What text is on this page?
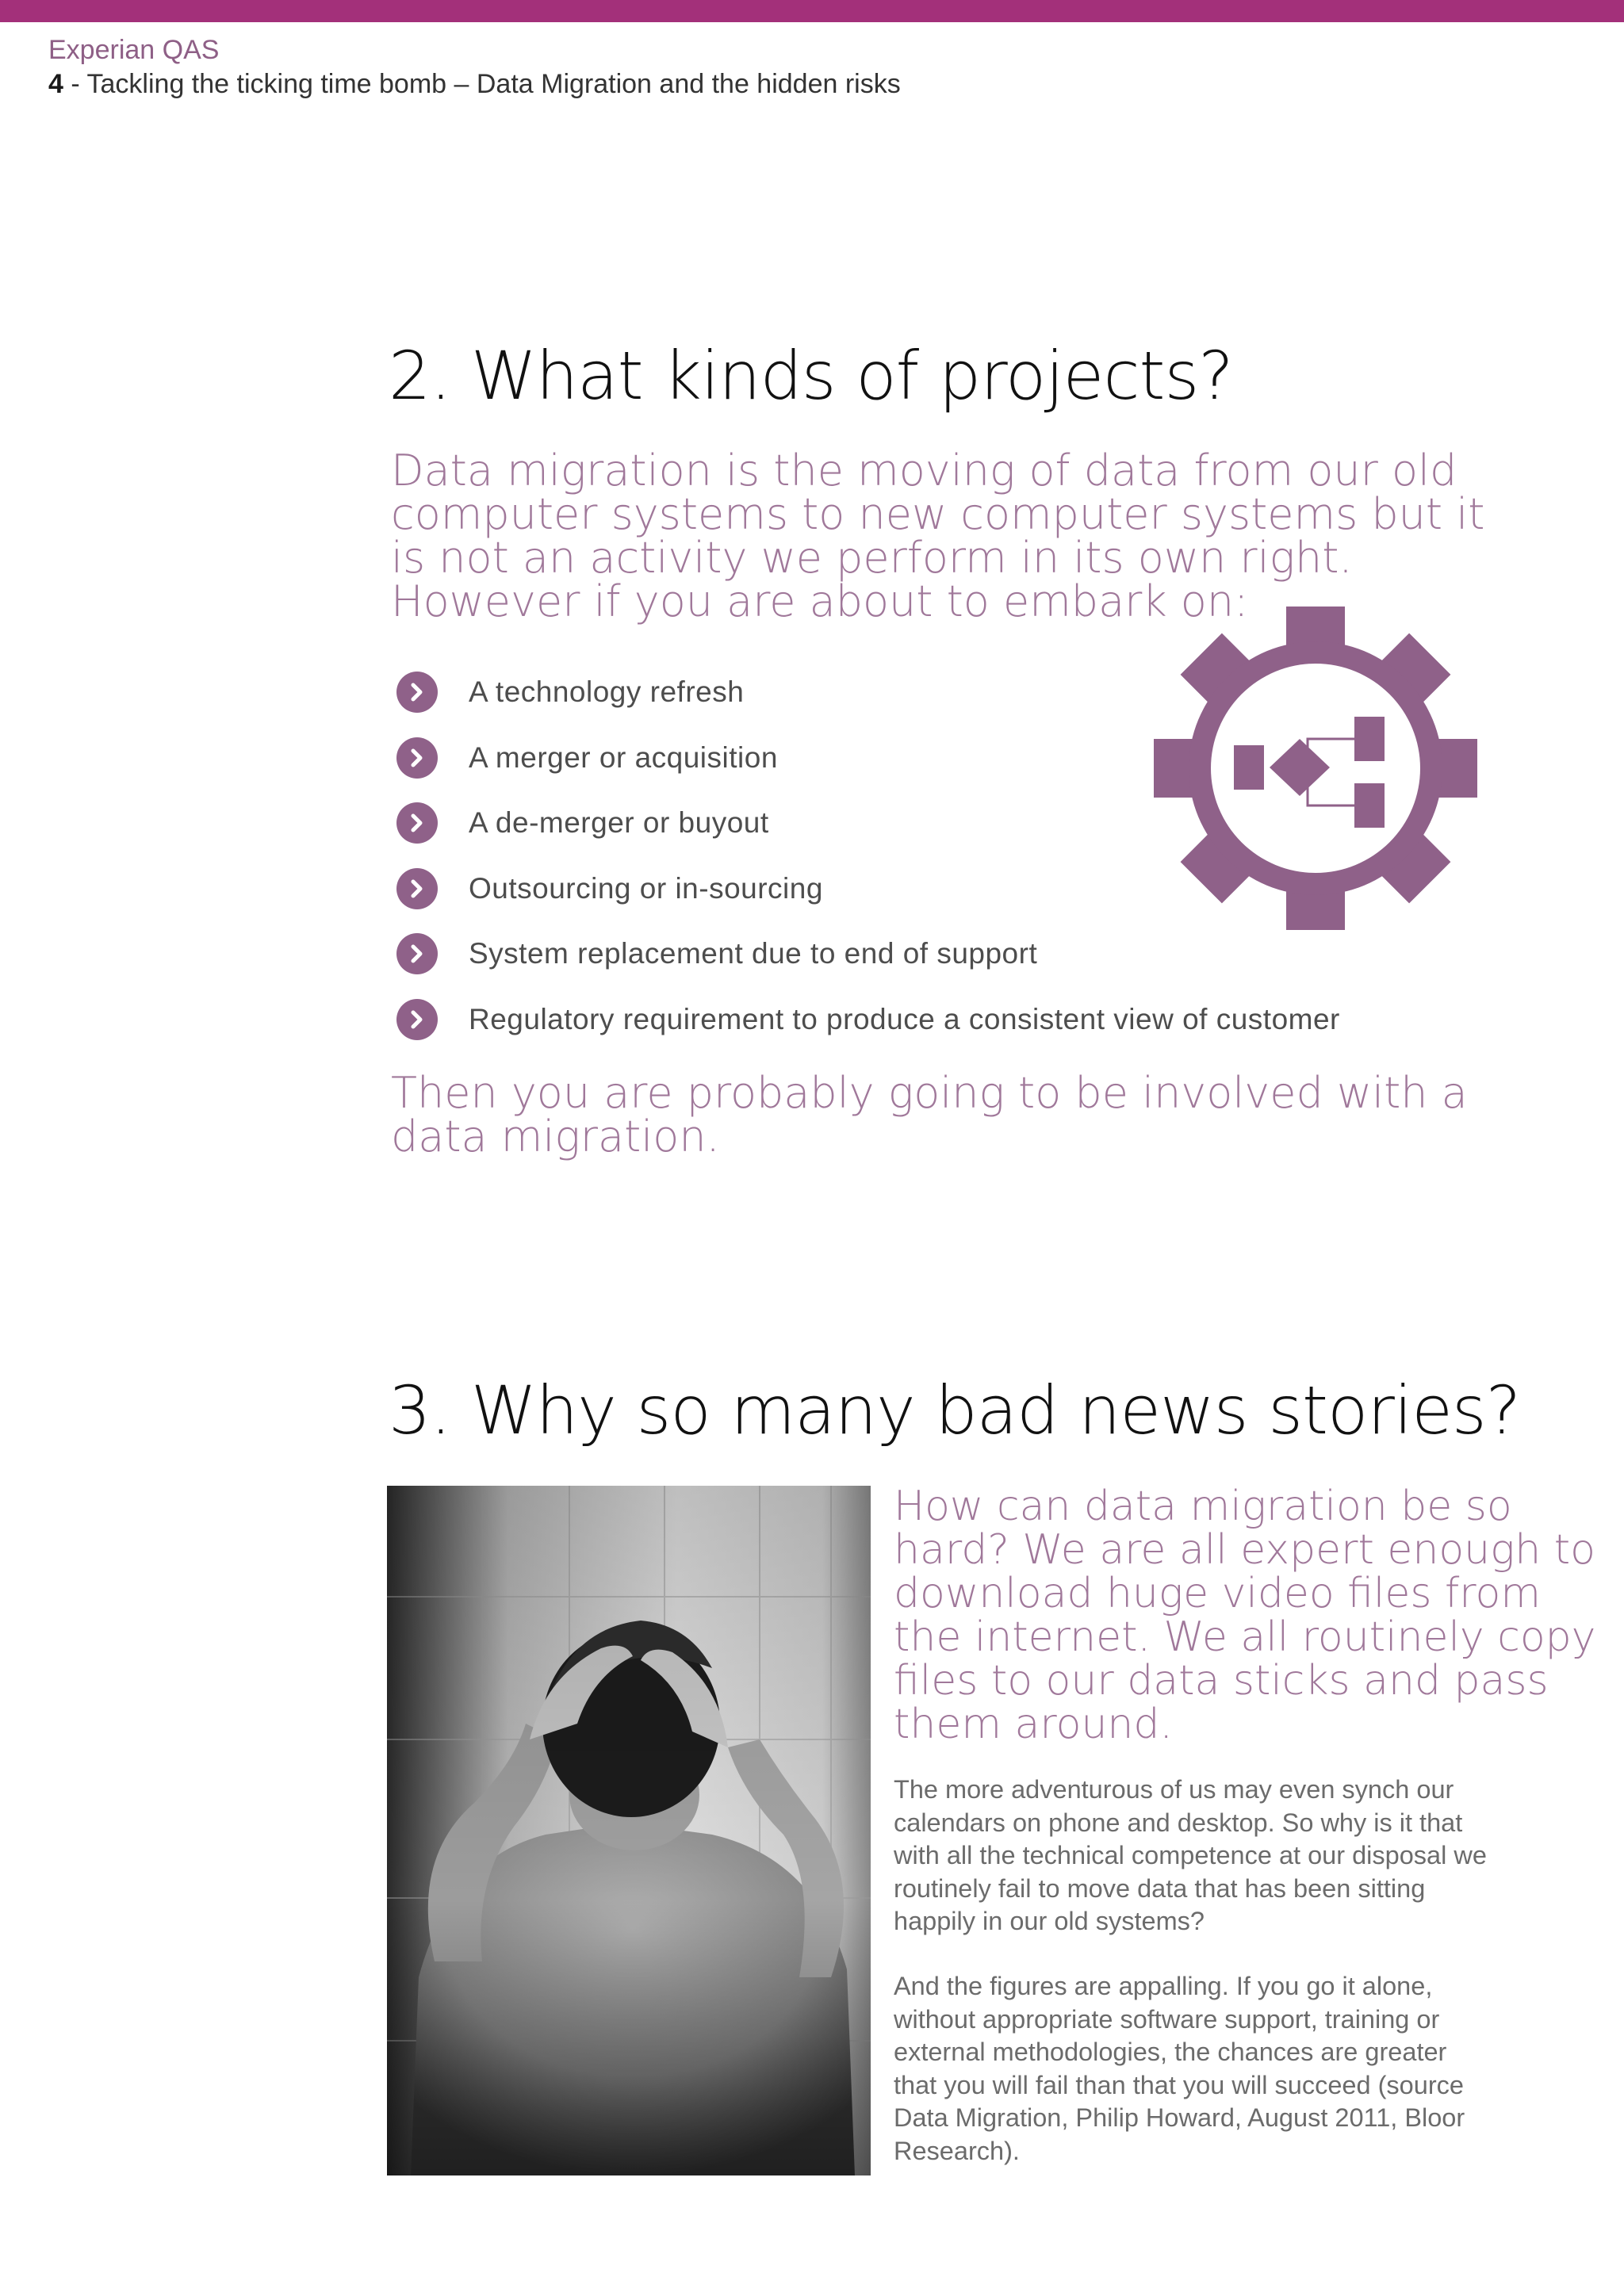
Experian QAS
4 - Tackling the ticking time bomb – Data Migration and the hidden risks
2. What kinds of projects?

Data migration is the moving of data from our old computer systems to new computer systems but it is not an activity we perform in its own right. However if you are about to embark on:

A technology refresh
A merger or acquisition
A de-merger or buyout
Outsourcing or in-sourcing
System replacement due to end of support
Regulatory requirement to produce a consistent view of customer

Then you are probably going to be involved with a data migration.

3. Why so many bad news stories?

How can data migration be so hard? We are all expert enough to download huge video files from the internet. We all routinely copy files to our data sticks and pass them around.

The more adventurous of us may even synch our calendars on phone and desktop. So why is it that with all the technical competence at our disposal we routinely fail to move data that has been sitting happily in our old systems?

And the figures are appalling. If you go it alone, without appropriate software support, training or external methodologies, the chances are greater that you will fail than that you will succeed (source Data Migration, Philip Howard, August 2011, Bloor Research).
